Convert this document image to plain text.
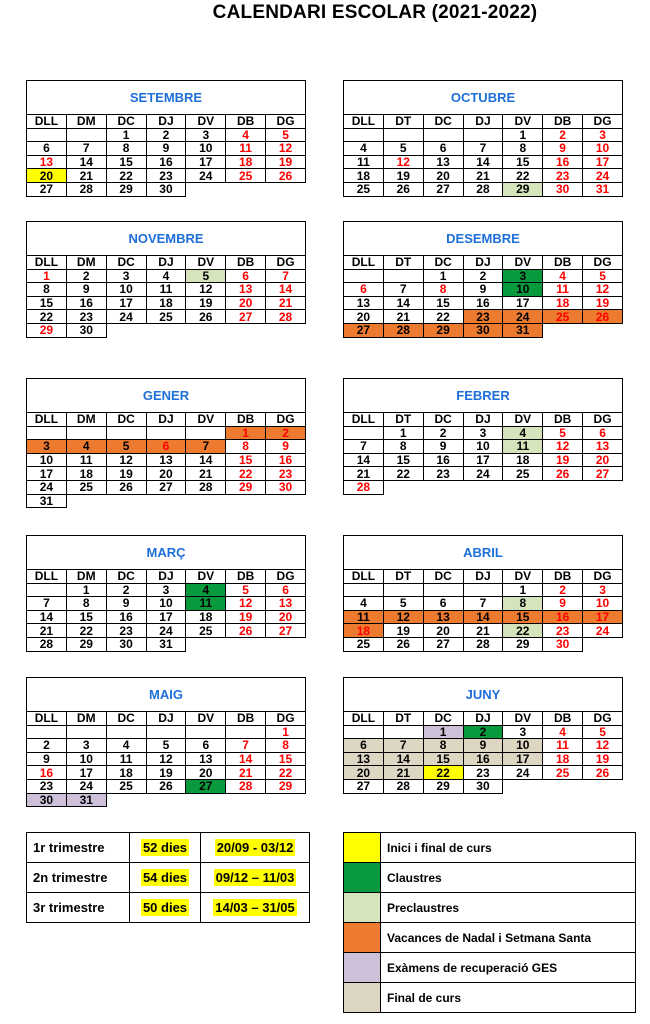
CALENDARI ESCOLAR (2021-2022)
SETEMBRE						
DLL	DM	DC	DJ	DV	DB	DG
		1	2	3	4	5
6	7	8	9	10	11	12
13	14	15	16	17	18	19
20	21	22	23	24	25	26
27	28	29	30			
OCTUBRE						
DLL	DT	DC	DJ	DV	DB	DG
				1	2	3
4	5	6	7	8	9	10
11	12	13	14	15	16	17
18	19	20	21	22	23	24
25	26	27	28	29	30	31
NOVEMBRE						
DLL	DM	DC	DJ	DV	DB	DG
1	2	3	4	5	6	7
8	9	10	11	12	13	14
15	16	17	18	19	20	21
22	23	24	25	26	27	28
29	30					
DESEMBRE						
DLL	DT	DC	DJ	DV	DB	DG
		1	2	3	4	5
6	7	8	9	10	11	12
13	14	15	16	17	18	19
20	21	22	23	24	25	26
27	28	29	30	31		
GENER						
DLL	DM	DC	DJ	DV	DB	DG
					1	2
3	4	5	6	7	8	9
10	11	12	13	14	15	16
17	18	19	20	21	22	23
24	25	26	27	28	29	30
31						
FEBRER						
DLL	DT	DC	DJ	DV	DB	DG
	1	2	3	4	5	6
7	8	9	10	11	12	13
14	15	16	17	18	19	20
21	22	23	24	25	26	27
28						
MARÇ						
DLL	DM	DC	DJ	DV	DB	DG
	1	2	3	4	5	6
7	8	9	10	11	12	13
14	15	16	17	18	19	20
21	22	23	24	25	26	27
28	29	30	31			
ABRIL						
DLL	DT	DC	DJ	DV	DB	DG
				1	2	3
4	5	6	7	8	9	10
11	12	13	14	15	16	17
18	19	20	21	22	23	24
25	26	27	28	29	30	
MAIG						
DLL	DM	DC	DJ	DV	DB	DG
						1
2	3	4	5	6	7	8
9	10	11	12	13	14	15
16	17	18	19	20	21	22
23	24	25	26	27	28	29
30	31					
JUNY						
DLL	DT	DC	DJ	DV	DB	DG
		1	2	3	4	5
6	7	8	9	10	11	12
13	14	15	16	17	18	19
20	21	22	23	24	25	26
27	28	29	30			
1r trimestre	52 dies	20/09 - 03/12
2n trimestre	54 dies	09/12 – 11/03
3r trimestre	50 dies	14/03 – 31/05
	Inici i final de curs
	Claustres
	Preclaustres
	Vacances de Nadal i Setmana Santa
	Exàmens de recuperació GES
	Final de curs
